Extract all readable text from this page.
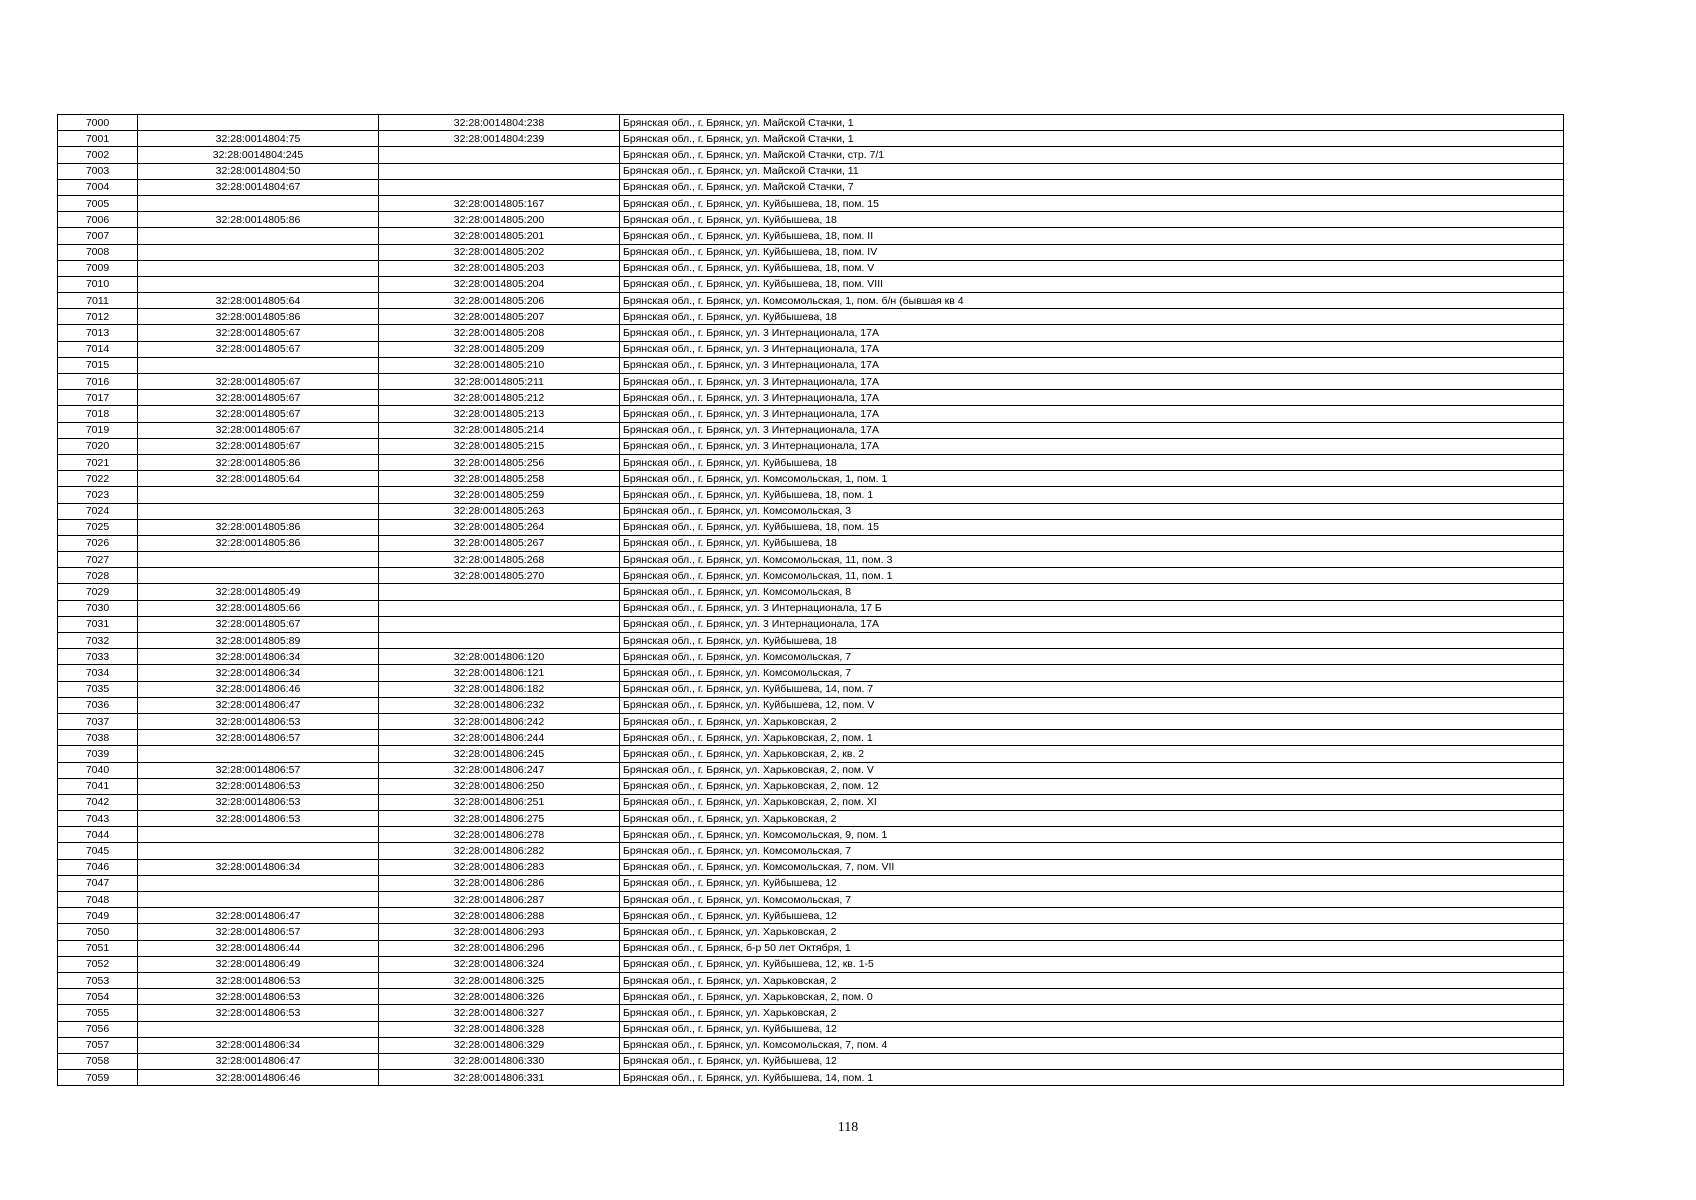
7000		32:28:0014804:238	Брянская обл., г. Брянск, ул. Майской Стачки, 1
7001	32:28:0014804:75	32:28:0014804:239	Брянская обл., г. Брянск, ул. Майской Стачки, 1
7002	32:28:0014804:245		Брянская обл., г. Брянск, ул. Майской Стачки, стр. 7/1
7003	32:28:0014804:50		Брянская обл., г. Брянск, ул. Майской Стачки, 11
7004	32:28:0014804:67		Брянская обл., г. Брянск, ул. Майской Стачки, 7
7005		32:28:0014805:167	Брянская обл., г. Брянск, ул. Куйбышева, 18, пом. 15
7006	32:28:0014805:86	32:28:0014805:200	Брянская обл., г. Брянск, ул. Куйбышева, 18
7007		32:28:0014805:201	Брянская обл., г. Брянск, ул. Куйбышева, 18, пом. II
7008		32:28:0014805:202	Брянская обл., г. Брянск, ул. Куйбышева, 18, пом. IV
7009		32:28:0014805:203	Брянская обл., г. Брянск, ул. Куйбышева, 18, пом. V
7010		32:28:0014805:204	Брянская обл., г. Брянск, ул. Куйбышева, 18, пом. VIII
7011	32:28:0014805:64	32:28:0014805:206	Брянская обл., г. Брянск, ул. Комсомольская, 1, пом. б/н (бывшая кв 4
7012	32:28:0014805:86	32:28:0014805:207	Брянская обл., г. Брянск, ул. Куйбышева, 18
7013	32:28:0014805:67	32:28:0014805:208	Брянская обл., г. Брянск, ул. 3 Интернационала, 17А
7014	32:28:0014805:67	32:28:0014805:209	Брянская обл., г. Брянск, ул. 3 Интернационала, 17А
7015		32:28:0014805:210	Брянская обл., г. Брянск, ул. 3 Интернационала, 17А
7016	32:28:0014805:67	32:28:0014805:211	Брянская обл., г. Брянск, ул. 3 Интернационала, 17А
7017	32:28:0014805:67	32:28:0014805:212	Брянская обл., г. Брянск, ул. 3 Интернационала, 17А
7018	32:28:0014805:67	32:28:0014805:213	Брянская обл., г. Брянск, ул. 3 Интернационала, 17А
7019	32:28:0014805:67	32:28:0014805:214	Брянская обл., г. Брянск, ул. 3 Интернационала, 17А
7020	32:28:0014805:67	32:28:0014805:215	Брянская обл., г. Брянск, ул. 3 Интернационала, 17А
7021	32:28:0014805:86	32:28:0014805:256	Брянская обл., г. Брянск, ул. Куйбышева, 18
7022	32:28:0014805:64	32:28:0014805:258	Брянская обл., г. Брянск, ул. Комсомольская, 1, пом. 1
7023		32:28:0014805:259	Брянская обл., г. Брянск, ул. Куйбышева, 18, пом. 1
7024		32:28:0014805:263	Брянская обл., г. Брянск, ул. Комсомольская, 3
7025	32:28:0014805:86	32:28:0014805:264	Брянская обл., г. Брянск, ул. Куйбышева, 18, пом. 15
7026	32:28:0014805:86	32:28:0014805:267	Брянская обл., г. Брянск, ул. Куйбышева, 18
7027		32:28:0014805:268	Брянская обл., г. Брянск, ул. Комсомольская, 11, пом. 3
7028		32:28:0014805:270	Брянская обл., г. Брянск, ул. Комсомольская, 11, пом. 1
7029	32:28:0014805:49		Брянская обл., г. Брянск, ул. Комсомольская, 8
7030	32:28:0014805:66		Брянская обл., г. Брянск, ул. 3 Интернационала, 17 Б
7031	32:28:0014805:67		Брянская обл., г. Брянск, ул. 3 Интернационала, 17А
7032	32:28:0014805:89		Брянская обл., г. Брянск, ул. Куйбышева, 18
7033	32:28:0014806:34	32:28:0014806:120	Брянская обл., г. Брянск, ул. Комсомольская, 7
7034	32:28:0014806:34	32:28:0014806:121	Брянская обл., г. Брянск, ул. Комсомольская, 7
7035	32:28:0014806:46	32:28:0014806:182	Брянская обл., г. Брянск, ул. Куйбышева, 14, пом. 7
7036	32:28:0014806:47	32:28:0014806:232	Брянская обл., г. Брянск, ул. Куйбышева, 12, пом. V
7037	32:28:0014806:53	32:28:0014806:242	Брянская обл., г. Брянск, ул. Харьковская, 2
7038	32:28:0014806:57	32:28:0014806:244	Брянская обл., г. Брянск, ул. Харьковская, 2, пом. 1
7039		32:28:0014806:245	Брянская обл., г. Брянск, ул. Харьковская, 2, кв. 2
7040	32:28:0014806:57	32:28:0014806:247	Брянская обл., г. Брянск, ул. Харьковская, 2, пом. V
7041	32:28:0014806:53	32:28:0014806:250	Брянская обл., г. Брянск, ул. Харьковская, 2, пом. 12
7042	32:28:0014806:53	32:28:0014806:251	Брянская обл., г. Брянск, ул. Харьковская, 2, пом. XI
7043	32:28:0014806:53	32:28:0014806:275	Брянская обл., г. Брянск, ул. Харьковская, 2
7044		32:28:0014806:278	Брянская обл., г. Брянск, ул. Комсомольская, 9, пом. 1
7045		32:28:0014806:282	Брянская обл., г. Брянск, ул. Комсомольская, 7
7046	32:28:0014806:34	32:28:0014806:283	Брянская обл., г. Брянск, ул. Комсомольская, 7, пом. VII
7047		32:28:0014806:286	Брянская обл., г. Брянск, ул. Куйбышева, 12
7048		32:28:0014806:287	Брянская обл., г. Брянск, ул. Комсомольская, 7
7049	32:28:0014806:47	32:28:0014806:288	Брянская обл., г. Брянск, ул. Куйбышева, 12
7050	32:28:0014806:57	32:28:0014806:293	Брянская обл., г. Брянск, ул. Харьковская, 2
7051	32:28:0014806:44	32:28:0014806:296	Брянская обл., г. Брянск, б-р 50 лет Октября, 1
7052	32:28:0014806:49	32:28:0014806:324	Брянская обл., г. Брянск, ул. Куйбышева, 12, кв. 1-5
7053	32:28:0014806:53	32:28:0014806:325	Брянская обл., г. Брянск, ул. Харьковская, 2
7054	32:28:0014806:53	32:28:0014806:326	Брянская обл., г. Брянск, ул. Харьковская, 2, пом. 0
7055	32:28:0014806:53	32:28:0014806:327	Брянская обл., г. Брянск, ул. Харьковская, 2
7056		32:28:0014806:328	Брянская обл., г. Брянск, ул. Куйбышева, 12
7057	32:28:0014806:34	32:28:0014806:329	Брянская обл., г. Брянск, ул. Комсомольская, 7, пом. 4
7058	32:28:0014806:47	32:28:0014806:330	Брянская обл., г. Брянск, ул. Куйбышева, 12
7059	32:28:0014806:46	32:28:0014806:331	Брянская обл., г. Брянск, ул. Куйбышева, 14, пом. 1
118
